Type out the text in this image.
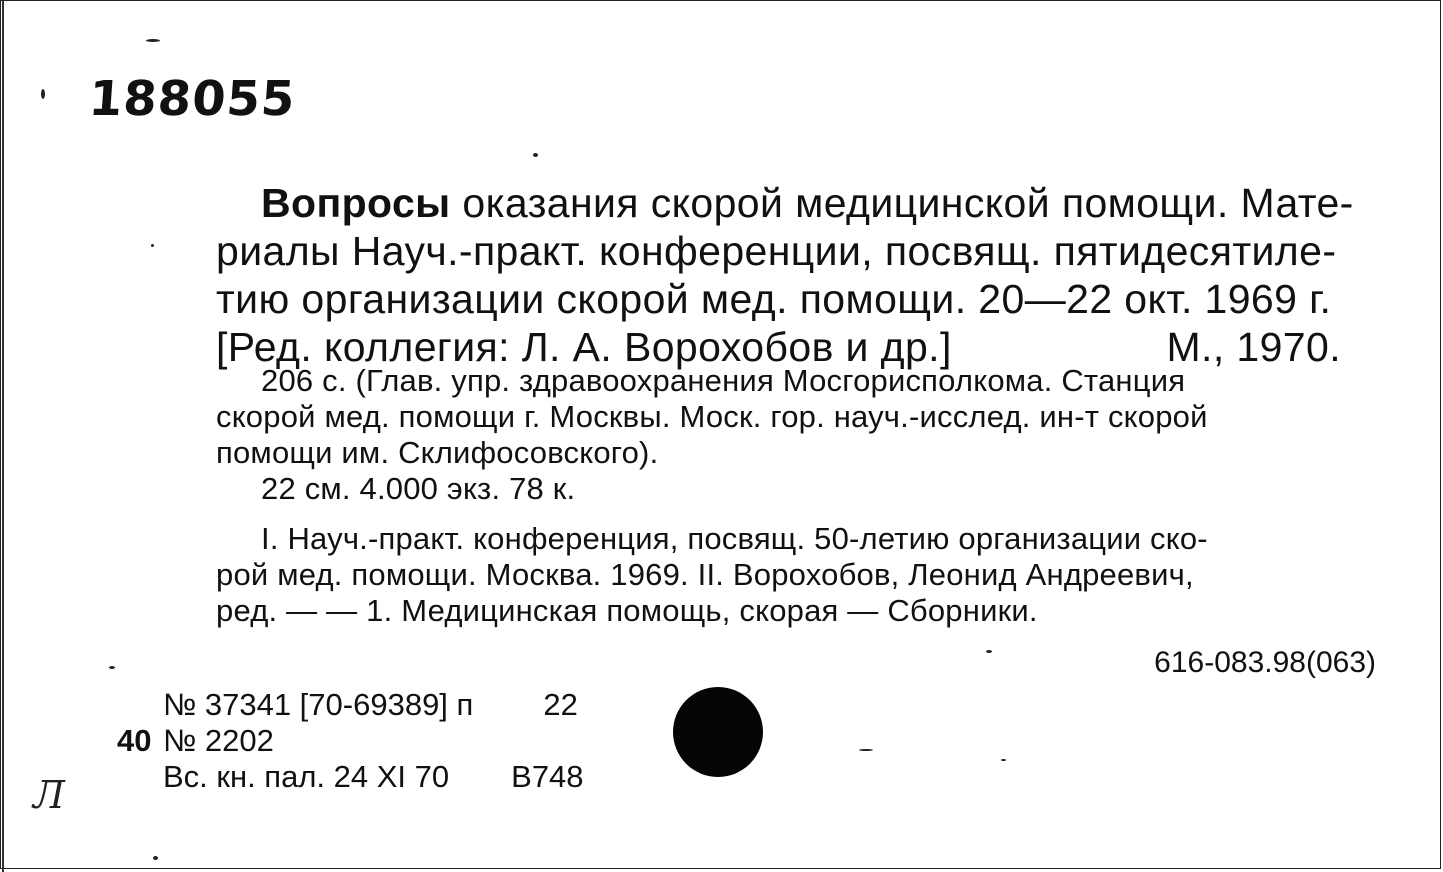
188055
Вопросы оказания скорой медицинской помощи. Мате-
риалы Науч.-практ. конференции, посвящ. пятидесятиле-
тию организации скорой мед. помощи. 20—22 окт. 1969 г.
[Ред. коллегия: Л. А. Ворохобов и др.]	М., 1970.
206 с. (Глав. упр. здравоохранения Мосгорисполкома. Станция
скорой мед. помощи г. Москвы. Моск. гор. науч.-исслед. ин-т скорой
помощи им. Склифосовского).
22 см. 4.000 экз. 78 к.
I. Науч.-практ. конференция, посвящ. 50-летию организации ско-
рой мед. помощи. Москва. 1969. II. Ворохобов, Леонид Андреевич,
ред. — — 1. Медицинская помощь, скорая — Сборники.
616-083.98(063)
№ 37341 [70-69389] п 22
40 № 2202
Вс. кн. пал. 24 XI 70 В748
Л
